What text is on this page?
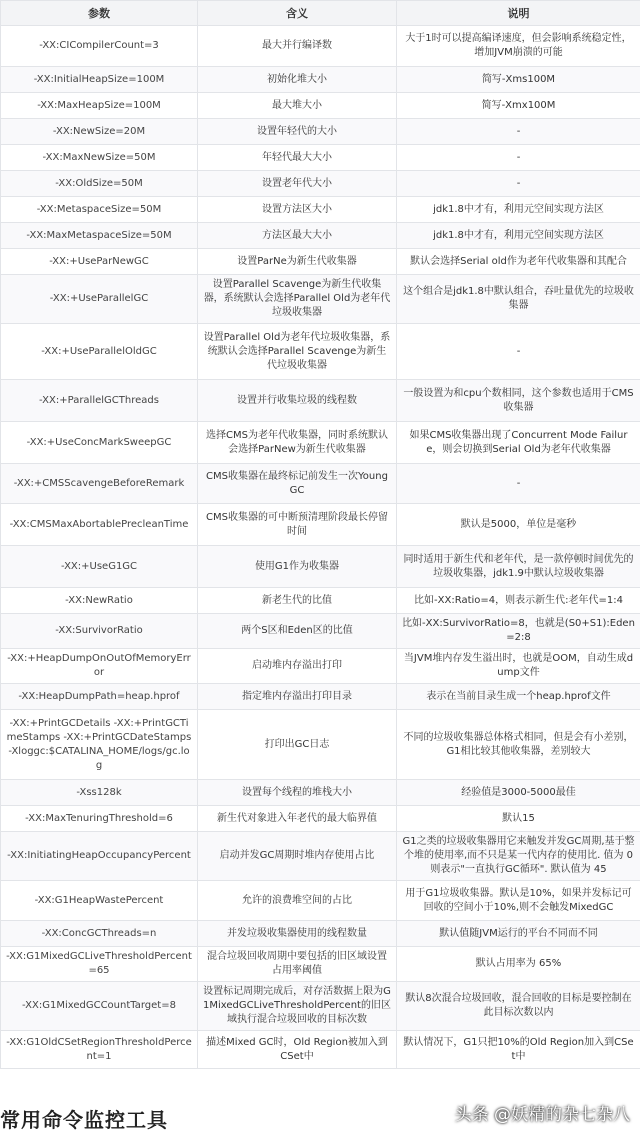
参数	含义	说明
-XX:CICompilerCount=3	最大并行编译数	大于1时可以提高编译速度，但会影响系统稳定性，增加JVM崩溃的可能
-XX:InitialHeapSize=100M	初始化堆大小	简写-Xms100M
-XX:MaxHeapSize=100M	最大堆大小	简写-Xmx100M
-XX:NewSize=20M	设置年轻代的大小	-
-XX:MaxNewSize=50M	年轻代最大大小	-
-XX:OldSize=50M	设置老年代大小	-
-XX:MetaspaceSize=50M	设置方法区大小	jdk1.8中才有，利用元空间实现方法区
-XX:MaxMetaspaceSize=50M	方法区最大大小	jdk1.8中才有，利用元空间实现方法区
-XX:+UseParNewGC	设置ParNe为新生代收集器	默认会选择Serial old作为老年代收集器和其配合
-XX:+UseParallelGC	设置Parallel Scavenge为新生代收集器，系统默认会选择Parallel Old为老年代垃圾收集器	这个组合是jdk1.8中默认组合，吞吐量优先的垃圾收集器
-XX:+UseParallelOldGC	设置Parallel Old为老年代垃圾收集器，系统默认会选择Parallel Scavenge为新生代垃圾收集器	-
-XX:+ParallelGCThreads	设置并行收集垃圾的线程数	一般设置为和cpu个数相同，这个参数也适用于CMS收集器
-XX:+UseConcMarkSweepGC	选择CMS为老年代收集器，同时系统默认会选择ParNew为新生代收集器	如果CMS收集器出现了Concurrent Mode Failure，则会切换到Serial Old为老年代收集器
-XX:+CMSScavengeBeforeRemark	CMS收集器在最终标记前发生一次Young GC	-
-XX:CMSMaxAbortablePrecleanTime	CMS收集器的可中断预清理阶段最长停留时间	默认是5000，单位是毫秒
-XX:+UseG1GC	使用G1作为收集器	同时适用于新生代和老年代，是一款停顿时间优先的垃圾收集器，jdk1.9中默认垃圾收集器
-XX:NewRatio	新老生代的比值	比如-XX:Ratio=4，则表示新生代:老年代=1:4
-XX:SurvivorRatio	两个S区和Eden区的比值	比如-XX:SurvivorRatio=8，也就是(S0+S1):Eden=2:8
-XX:+HeapDumpOnOutOfMemoryError	启动堆内存溢出打印	当JVM堆内存发生溢出时，也就是OOM，自动生成dump文件
-XX:HeapDumpPath=heap.hprof	指定堆内存溢出打印目录	表示在当前目录生成一个heap.hprof文件
-XX:+PrintGCDetails -XX:+PrintGCTimeStamps -XX:+PrintGCDateStamps -Xloggc:$CATALINA_HOME/logs/gc.log	打印出GC日志	不同的垃圾收集器总体格式相同，但是会有小差别，G1相比较其他收集器，差别较大
-Xss128k	设置每个线程的堆栈大小	经验值是3000-5000最佳
-XX:MaxTenuringThreshold=6	新生代对象进入年老代的最大临界值	默认15
-XX:InitiatingHeapOccupancyPercent	启动并发GC周期时堆内存使用占比	G1之类的垃圾收集器用它来触发并发GC周期,基于整个堆的使用率,而不只是某一代内存的使用比. 值为 0 则表示"一直执行GC循环". 默认值为 45
-XX:G1HeapWastePercent	允许的浪费堆空间的占比	用于G1垃圾收集器。默认是10%，如果并发标记可回收的空间小于10%,则不会触发MixedGC
-XX:ConcGCThreads=n	并发垃圾收集器使用的线程数量	默认值随JVM运行的平台不同而不同
-XX:G1MixedGCLiveThresholdPercent=65	混合垃圾回收周期中要包括的旧区域设置占用率阈值	默认占用率为 65%
-XX:G1MixedGCCountTarget=8	设置标记周期完成后，对存活数据上限为G1MixedGCLiveThresholdPercent的旧区域执行混合垃圾回收的目标次数	默认8次混合垃圾回收，混合回收的目标是要控制在此目标次数以内
-XX:G1OldCSetRegionThresholdPercent=1	描述Mixed GC时，Old Region被加入到CSet中	默认情况下，G1只把10%的Old Region加入到CSet中
常用命令监控工具	头条 @妖精的杂七杂八
